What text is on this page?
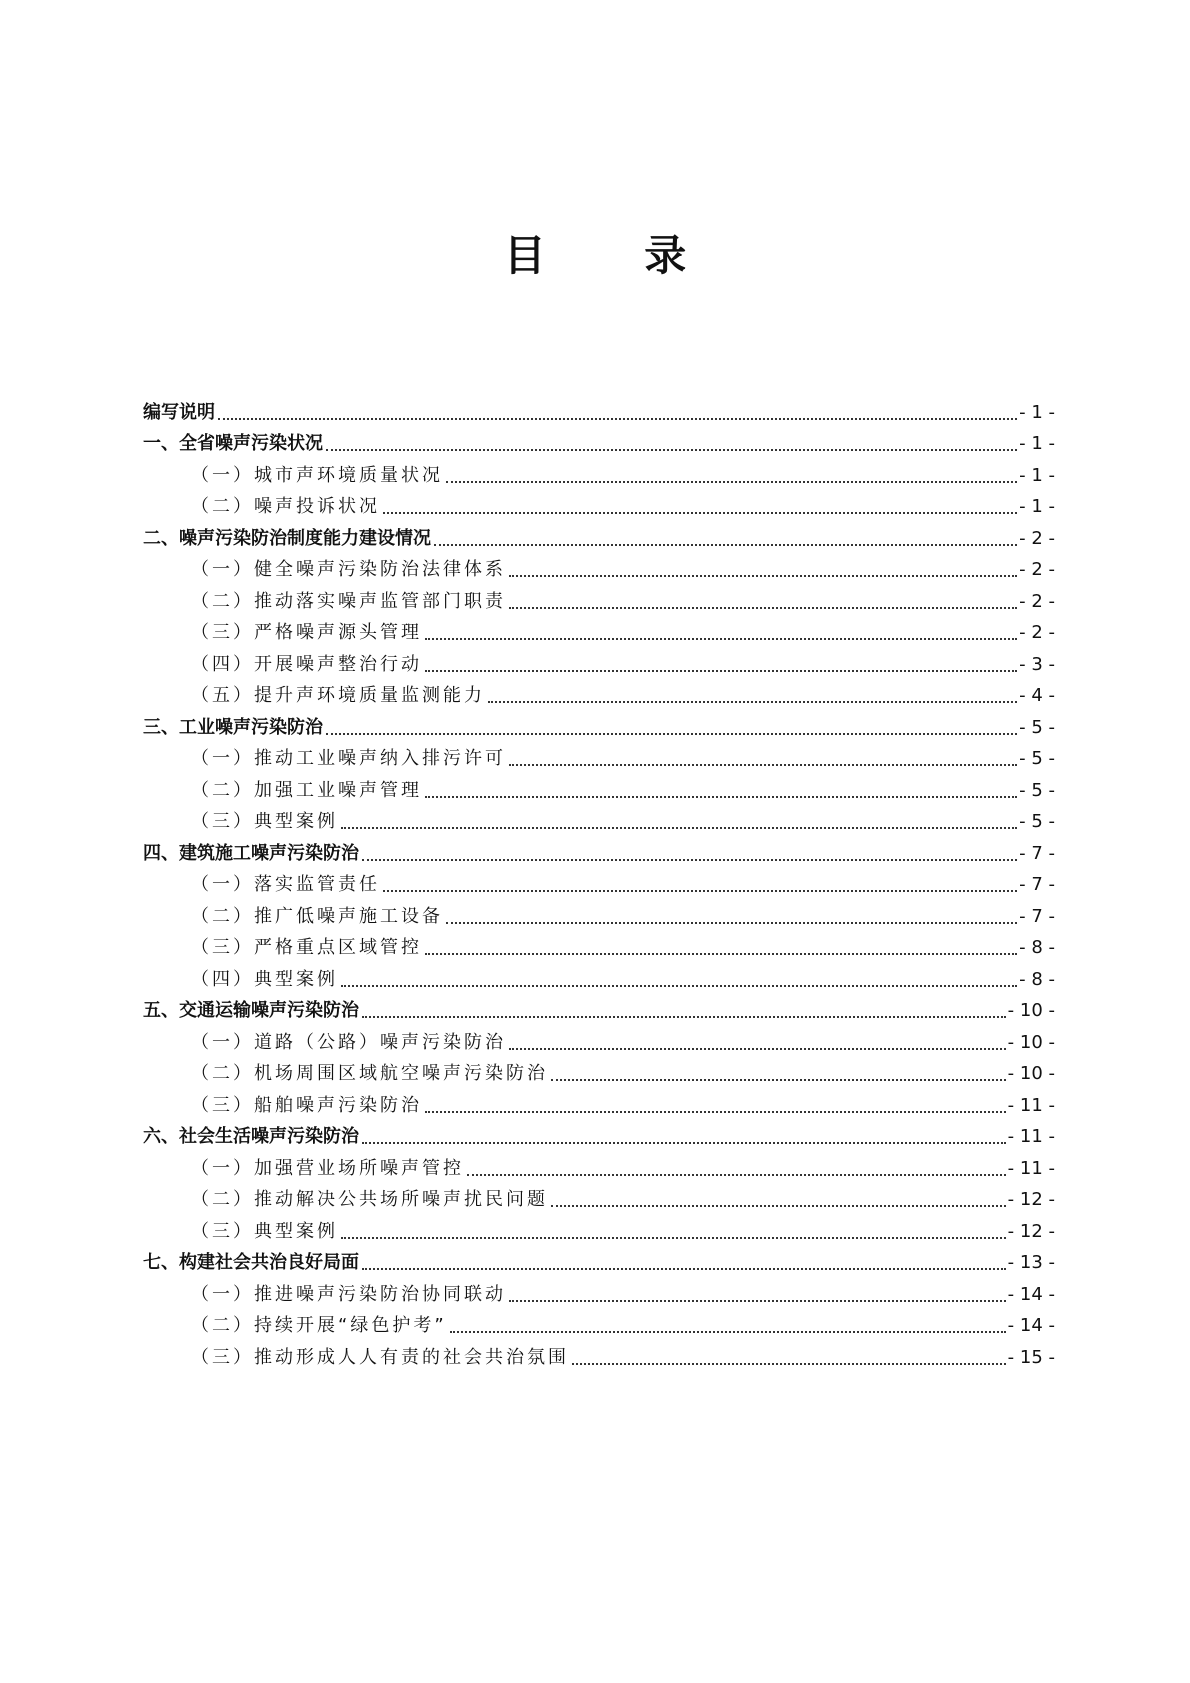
目 录
编写说明	- 1 -
一、全省噪声污染状况	- 1 -
（一）城市声环境质量状况	- 1 -
（二）噪声投诉状况	- 1 -
二、噪声污染防治制度能力建设情况	- 2 -
（一）健全噪声污染防治法律体系	- 2 -
（二）推动落实噪声监管部门职责	- 2 -
（三）严格噪声源头管理	- 2 -
（四）开展噪声整治行动	- 3 -
（五）提升声环境质量监测能力	- 4 -
三、工业噪声污染防治	- 5 -
（一）推动工业噪声纳入排污许可	- 5 -
（二）加强工业噪声管理	- 5 -
（三）典型案例	- 5 -
四、建筑施工噪声污染防治	- 7 -
（一）落实监管责任	- 7 -
（二）推广低噪声施工设备	- 7 -
（三）严格重点区域管控	- 8 -
（四）典型案例	- 8 -
五、交通运输噪声污染防治	- 10 -
（一）道路（公路）噪声污染防治	- 10 -
（二）机场周围区域航空噪声污染防治	- 10 -
（三）船舶噪声污染防治	- 11 -
六、社会生活噪声污染防治	- 11 -
（一）加强营业场所噪声管控	- 11 -
（二）推动解决公共场所噪声扰民问题	- 12 -
（三）典型案例	- 12 -
七、构建社会共治良好局面	- 13 -
（一）推进噪声污染防治协同联动	- 14 -
（二）持续开展“绿色护考”	- 14 -
（三）推动形成人人有责的社会共治氛围	- 15 -
